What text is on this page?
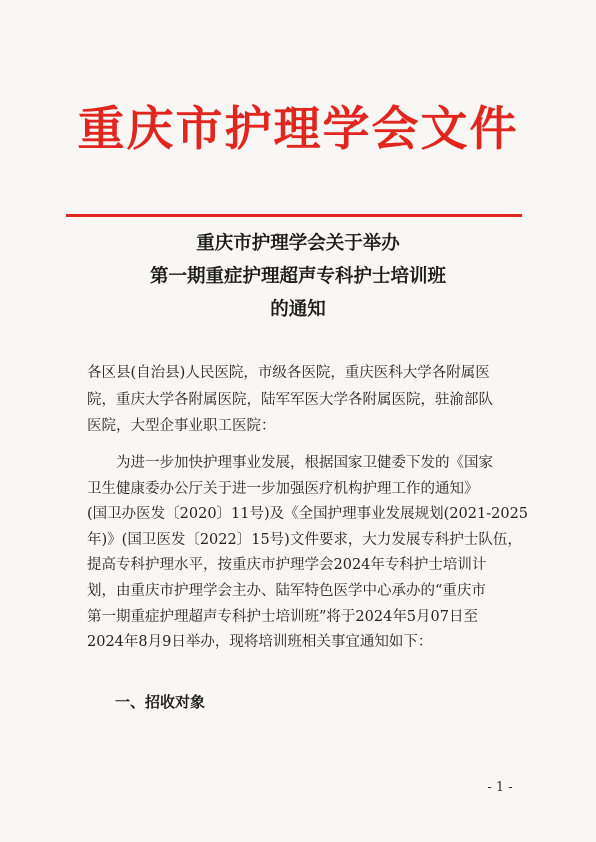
重庆市护理学会文件
重庆市护理学会关于举办
第一期重症护理超声专科护士培训班
的通知
各区县(自治县)人民医院，市级各医院，重庆医科大学各附属医
院，重庆大学各附属医院，陆军军医大学各附属医院，驻渝部队
医院，大型企事业职工医院：
　　为进一步加快护理事业发展，根据国家卫健委下发的《国家
卫生健康委办公厅关于进一步加强医疗机构护理工作的通知》
(国卫办医发〔2020〕11号)及《全国护理事业发展规划(2021-2025
年)》(国卫医发〔2022〕15号)文件要求，大力发展专科护士队伍，
提高专科护理水平，按重庆市护理学会2024年专科护士培训计
划，由重庆市护理学会主办、陆军特色医学中心承办的“重庆市
第一期重症护理超声专科护士培训班”将于2024年5月07日至
2024年8月9日举办，现将培训班相关事宜通知如下：
一、招收对象
- 1 -
